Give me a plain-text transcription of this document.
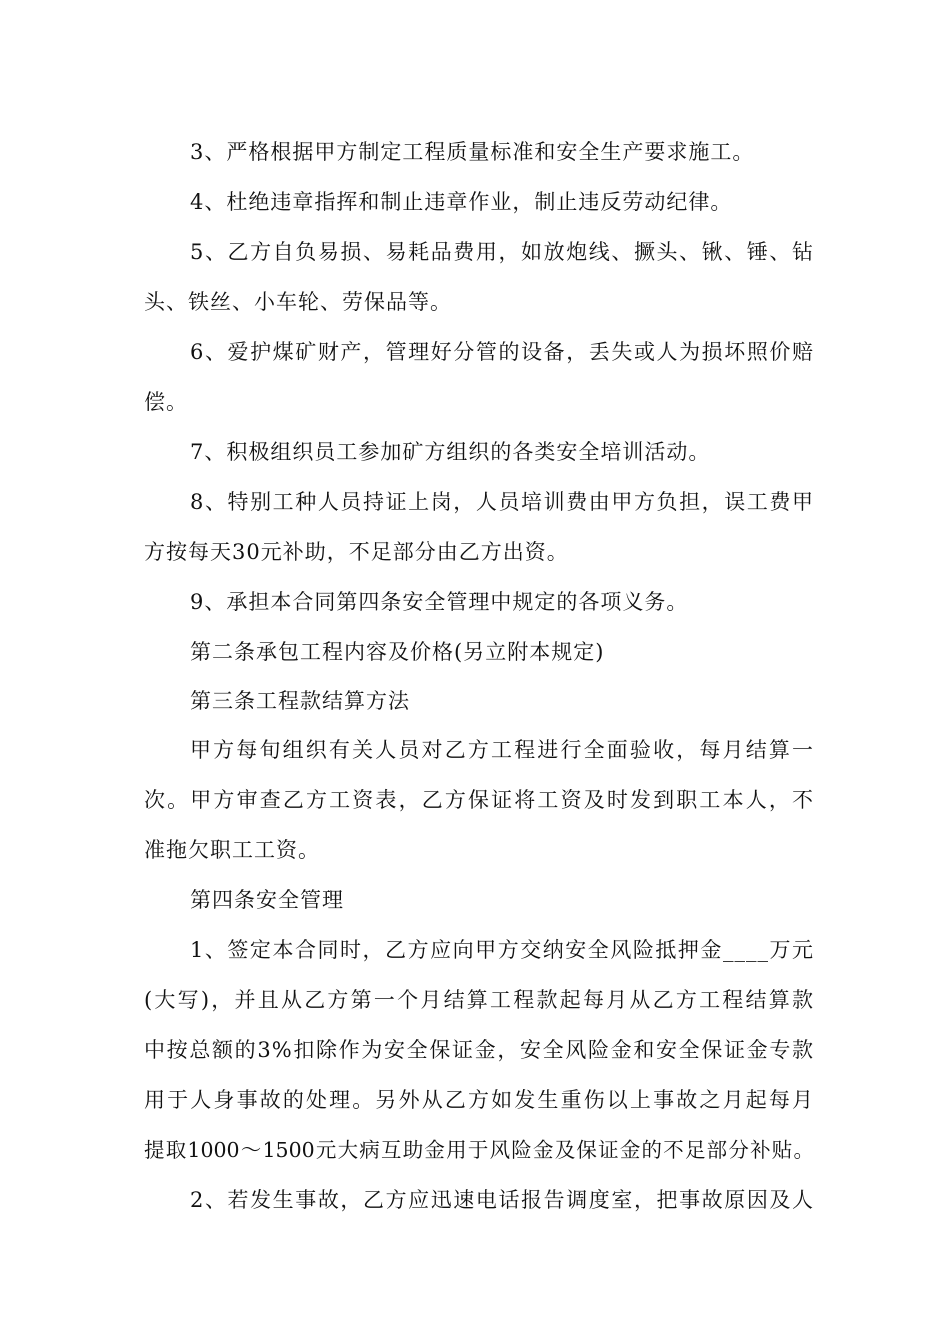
3、严格根据甲方制定工程质量标准和安全生产要求施工。
4、杜绝违章指挥和制止违章作业，制止违反劳动纪律。
5、乙方自负易损、易耗品费用，如放炮线、撅头、锹、锤、钻
头、铁丝、小车轮、劳保品等。
6、爱护煤矿财产，管理好分管的设备，丢失或人为损坏照价赔
偿。
7、积极组织员工参加矿方组织的各类安全培训活动。
8、特别工种人员持证上岗，人员培训费由甲方负担，误工费甲
方按每天30元补助，不足部分由乙方出资。
9、承担本合同第四条安全管理中规定的各项义务。
第二条承包工程内容及价格(另立附本规定)
第三条工程款结算方法
甲方每旬组织有关人员对乙方工程进行全面验收，每月结算一
次。甲方审查乙方工资表，乙方保证将工资及时发到职工本人，不
准拖欠职工工资。
第四条安全管理
1、签定本合同时，乙方应向甲方交纳安全风险抵押金____万元
(大写)，并且从乙方第一个月结算工程款起每月从乙方工程结算款
中按总额的3%扣除作为安全保证金，安全风险金和安全保证金专款
用于人身事故的处理。另外从乙方如发生重伤以上事故之月起每月
提取1000～1500元大病互助金用于风险金及保证金的不足部分补贴。
2、若发生事故，乙方应迅速电话报告调度室，把事故原因及人
